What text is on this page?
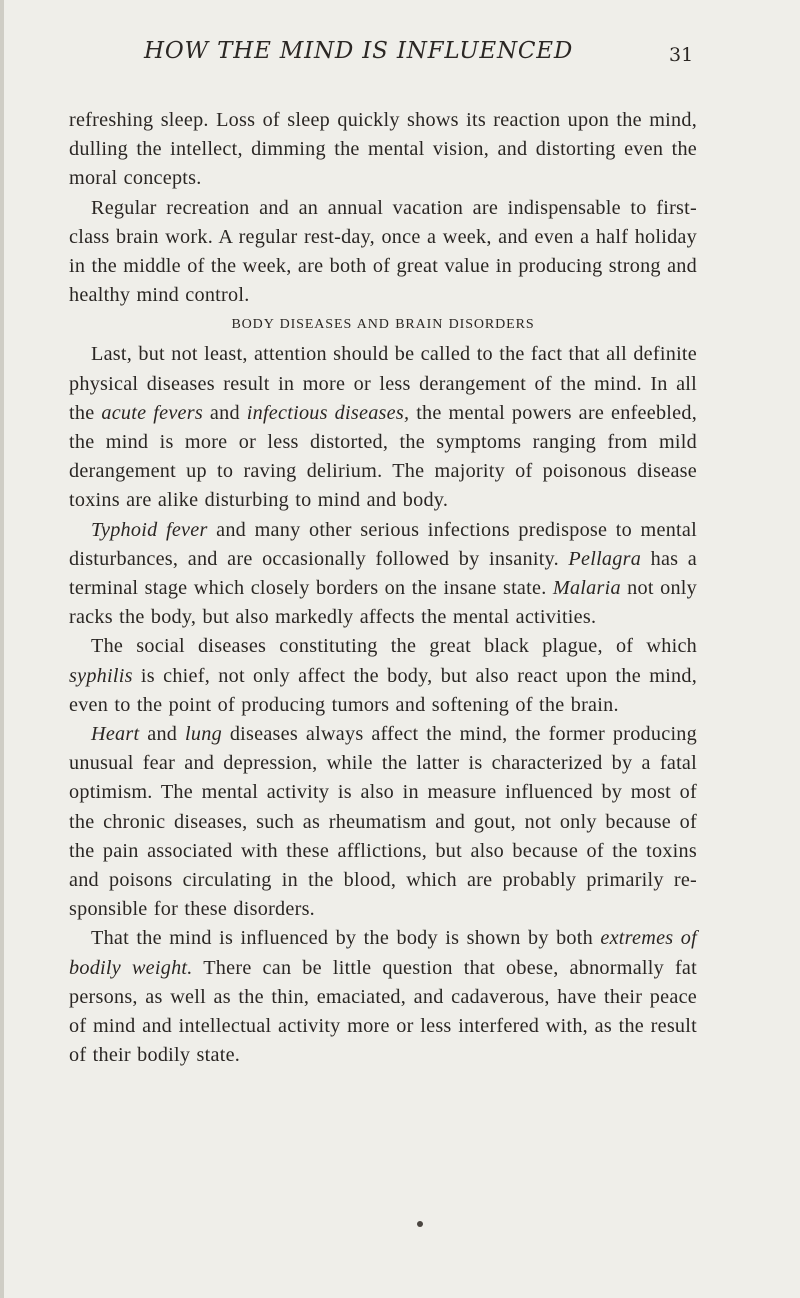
HOW THE MIND IS INFLUENCED	31

refreshing sleep. Loss of sleep quickly shows its reaction upon the mind, dulling the intellect, dimming the mental vision, and distorting even the moral concepts.

Regular recreation and an annual vacation are indispensable to first-class brain work. A regular rest-day, once a week, and even a half holiday in the middle of the week, are both of great value in producing strong and healthy mind control.

BODY DISEASES AND BRAIN DISORDERS

Last, but not least, attention should be called to the fact that all definite physical diseases result in more or less derangement of the mind. In all the acute fevers and infectious diseases, the mental powers are enfeebled, the mind is more or less distorted, the symptoms ranging from mild derangement up to raving delirium. The majority of poisonous disease toxins are alike disturbing to mind and body.

Typhoid fever and many other serious infections predispose to mental disturbances, and are occasionally followed by insanity. Pellagra has a terminal stage which closely borders on the insane state. Malaria not only racks the body, but also markedly affects the mental activities.

The social diseases constituting the great black plague, of which syphilis is chief, not only affect the body, but also react upon the mind, even to the point of producing tumors and softening of the brain.

Heart and lung diseases always affect the mind, the former producing unusual fear and depression, while the latter is characterized by a fatal optimism. The mental activity is also in measure influenced by most of the chronic diseases, such as rheumatism and gout, not only because of the pain associated with these afflictions, but also because of the toxins and poisons circulating in the blood, which are probably primarily re-sponsible for these disorders.

That the mind is influenced by the body is shown by both extremes of bodily weight. There can be little question that obese, abnormally fat persons, as well as the thin, emaciated, and cadaverous, have their peace of mind and intellectual activity more or less interfered with, as the result of their bodily state.
